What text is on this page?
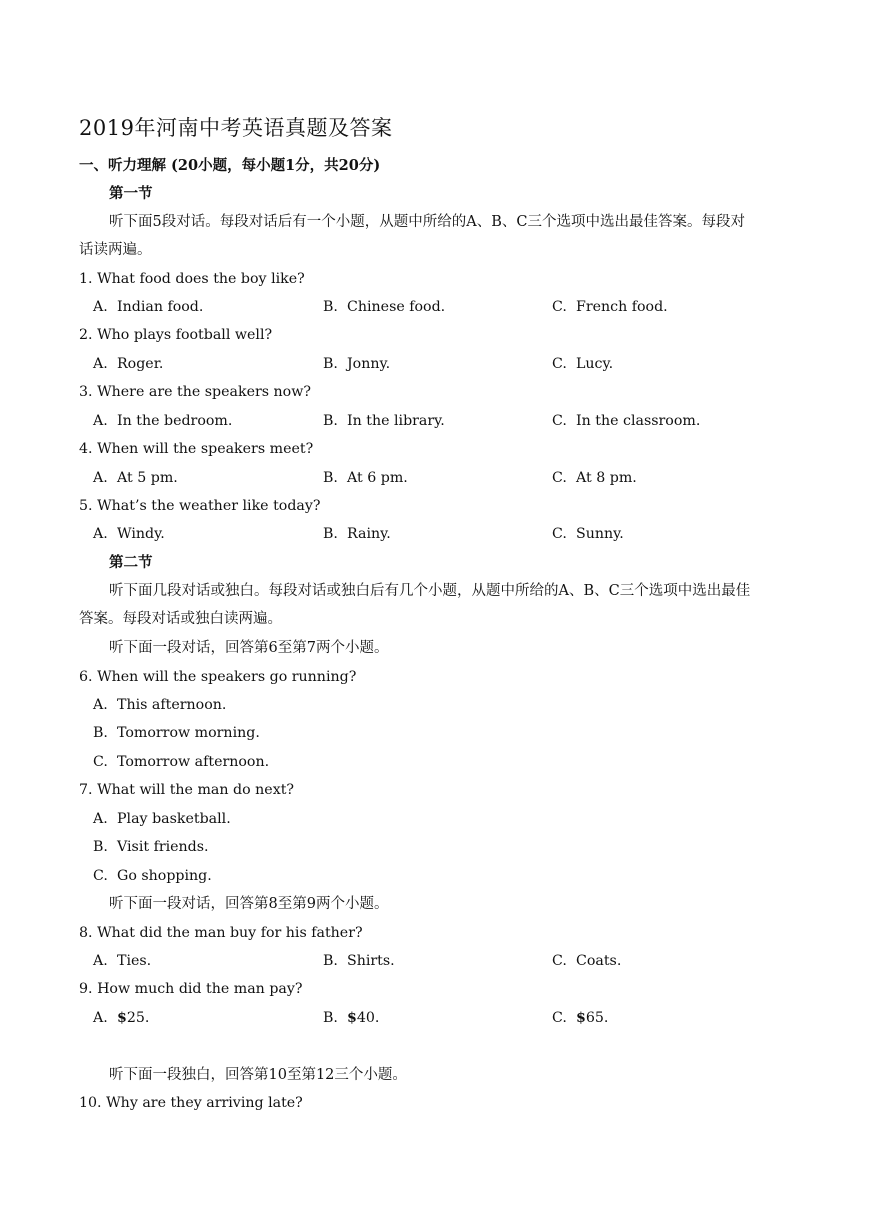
2019年河南中考英语真题及答案
一、听力理解 (20小题，每小题1分，共20分)
第一节
听下面5段对话。每段对话后有一个小题，从题中所给的A、B、C三个选项中选出最佳答案。每段对
话读两遍。
1. What food does the boy like?
A. Indian food.	B. Chinese food.	C. French food.
2. Who plays football well?
A. Roger.	B. Jonny.	C. Lucy.
3. Where are the speakers now?
A. In the bedroom.	B. In the library.	C. In the classroom.
4. When will the speakers meet?
A. At 5 pm.	B. At 6 pm.	C. At 8 pm.
5. What’s the weather like today?
A. Windy.	B. Rainy.	C. Sunny.
第二节
听下面几段对话或独白。每段对话或独白后有几个小题，从题中所给的A、B、C三个选项中选出最佳
答案。每段对话或独白读两遍。
听下面一段对话，回答第6至第7两个小题。
6. When will the speakers go running?
A. This afternoon.
B. Tomorrow morning.
C. Tomorrow afternoon.
7. What will the man do next?
A. Play basketball.
B. Visit friends.
C. Go shopping.
听下面一段对话，回答第8至第9两个小题。
8. What did the man buy for his father?
A. Ties.	B. Shirts.	C. Coats.
9. How much did the man pay?
A. $25.	B. $40.	C. $65.
听下面一段独白，回答第10至第12三个小题。
10. Why are they arriving late?
